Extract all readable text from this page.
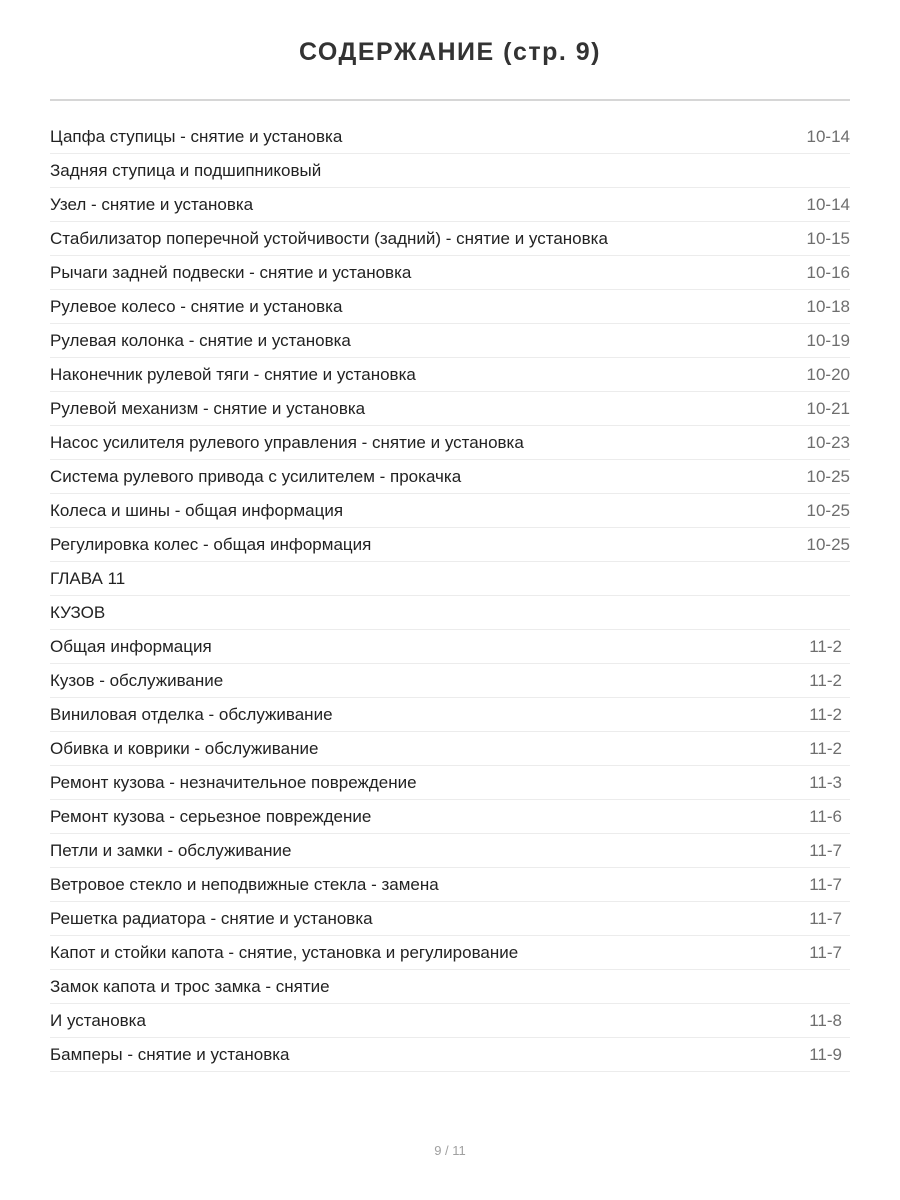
СОДЕРЖАНИЕ (стр. 9)
Цапфа ступицы - снятие и установка	10-14
Задняя ступица и подшипниковый
Узел - снятие и установка	10-14
Стабилизатор поперечной устойчивости (задний) - снятие и установка	10-15
Рычаги задней подвески - снятие и установка	10-16
Рулевое колесо - снятие и установка	10-18
Рулевая колонка - снятие и установка	10-19
Наконечник рулевой тяги - снятие и установка	10-20
Рулевой механизм - снятие и установка	10-21
Насос усилителя рулевого управления - снятие и установка	10-23
Система рулевого привода с усилителем - прокачка	10-25
Колеса и шины - общая информация	10-25
Регулировка колес - общая информация	10-25
ГЛАВА 11
КУЗОВ
Общая информация	11-2
Кузов - обслуживание	11-2
Виниловая отделка - обслуживание	11-2
Обивка и коврики - обслуживание	11-2
Ремонт кузова - незначительное повреждение	11-3
Ремонт кузова - серьезное повреждение	11-6
Петли и замки - обслуживание	11-7
Ветровое стекло и неподвижные стекла - замена	11-7
Решетка радиатора - снятие и установка	11-7
Капот и стойки капота - снятие, установка и регулирование	11-7
Замок капота и трос замка - снятие
И установка	11-8
Бамперы - снятие и установка	11-9
9 / 11
